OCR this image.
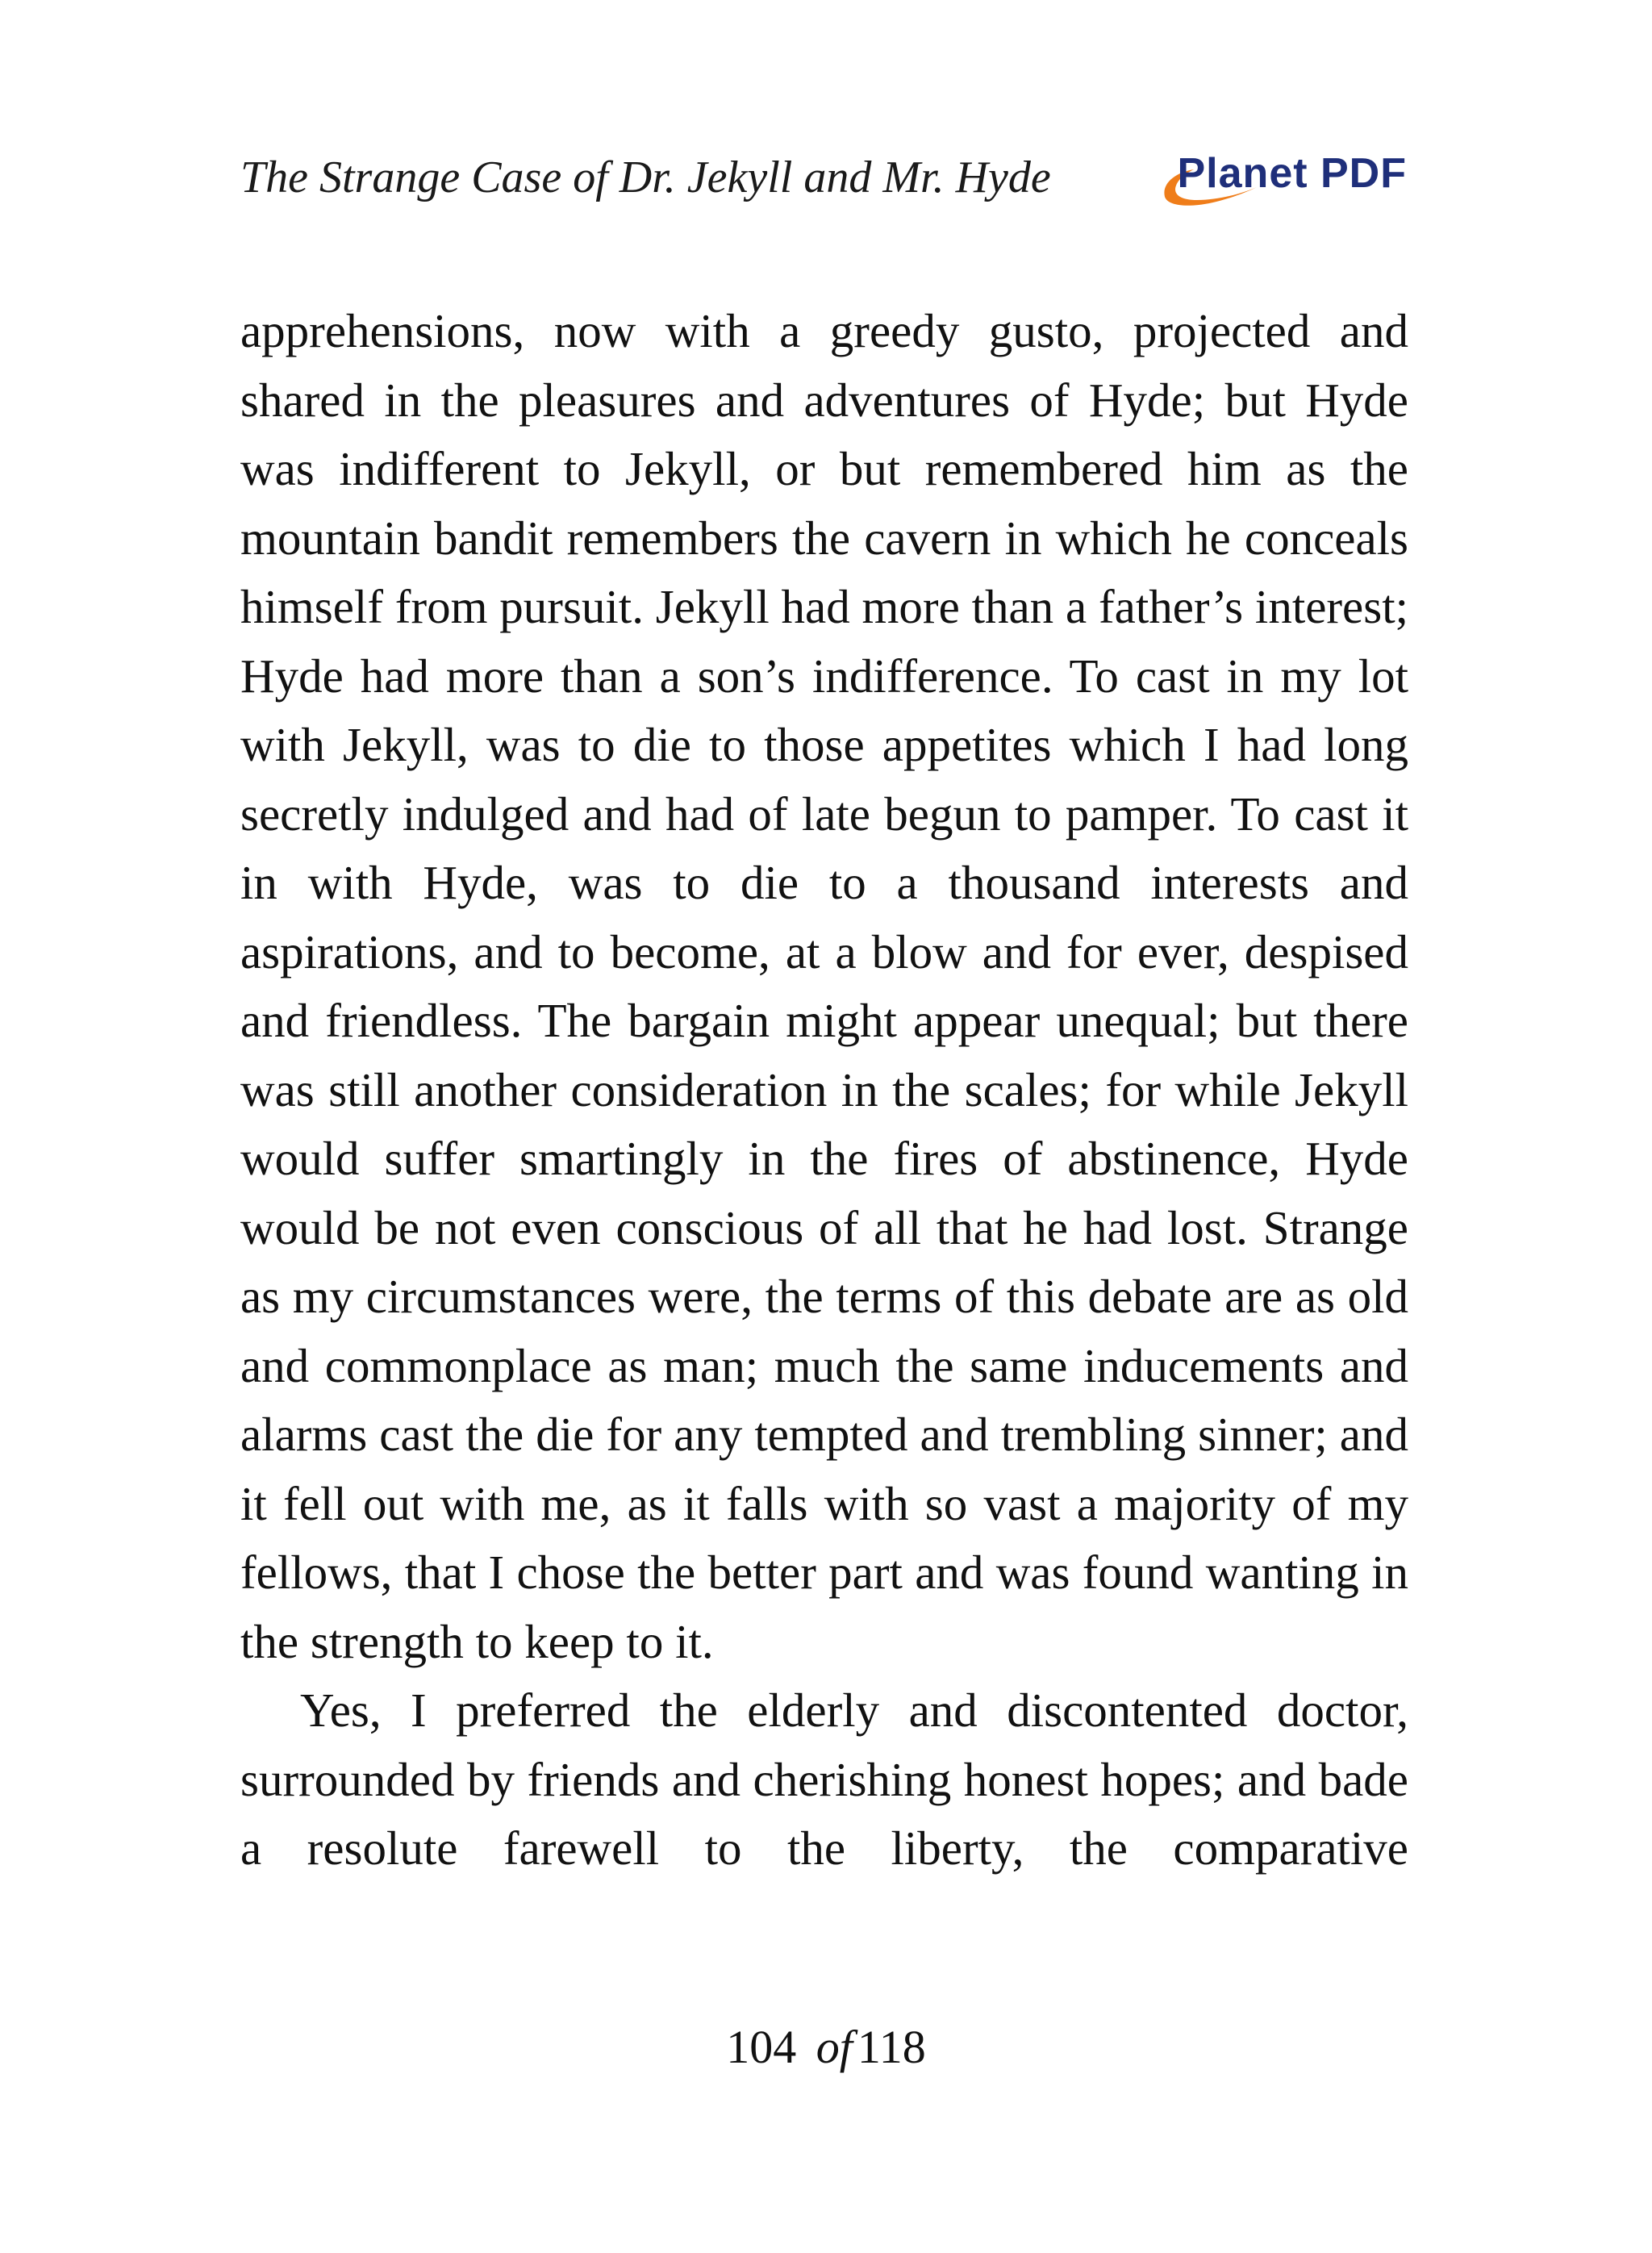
The Strange Case of Dr. Jekyll and Mr. Hyde	Planet PDF

apprehensions, now with a greedy gusto, projected and shared in the pleasures and adventures of Hyde; but Hyde was indifferent to Jekyll, or but remembered him as the mountain bandit remembers the cavern in which he conceals himself from pursuit. Jekyll had more than a father’s interest; Hyde had more than a son’s indifference. To cast in my lot with Jekyll, was to die to those appetites which I had long secretly indulged and had of late begun to pamper. To cast it in with Hyde, was to die to a thousand interests and aspirations, and to become, at a blow and for ever, despised and friendless. The bargain might appear unequal; but there was still another consideration in the scales; for while Jekyll would suffer smartingly in the fires of abstinence, Hyde would be not even conscious of all that he had lost. Strange as my circumstances were, the terms of this debate are as old and commonplace as man; much the same inducements and alarms cast the die for any tempted and trembling sinner; and it fell out with me, as it falls with so vast a majority of my fellows, that I chose the better part and was found wanting in the strength to keep to it.

Yes, I preferred the elderly and discontented doctor, surrounded by friends and cherishing honest hopes; and bade a resolute farewell to the liberty, the comparative

104 of 118
